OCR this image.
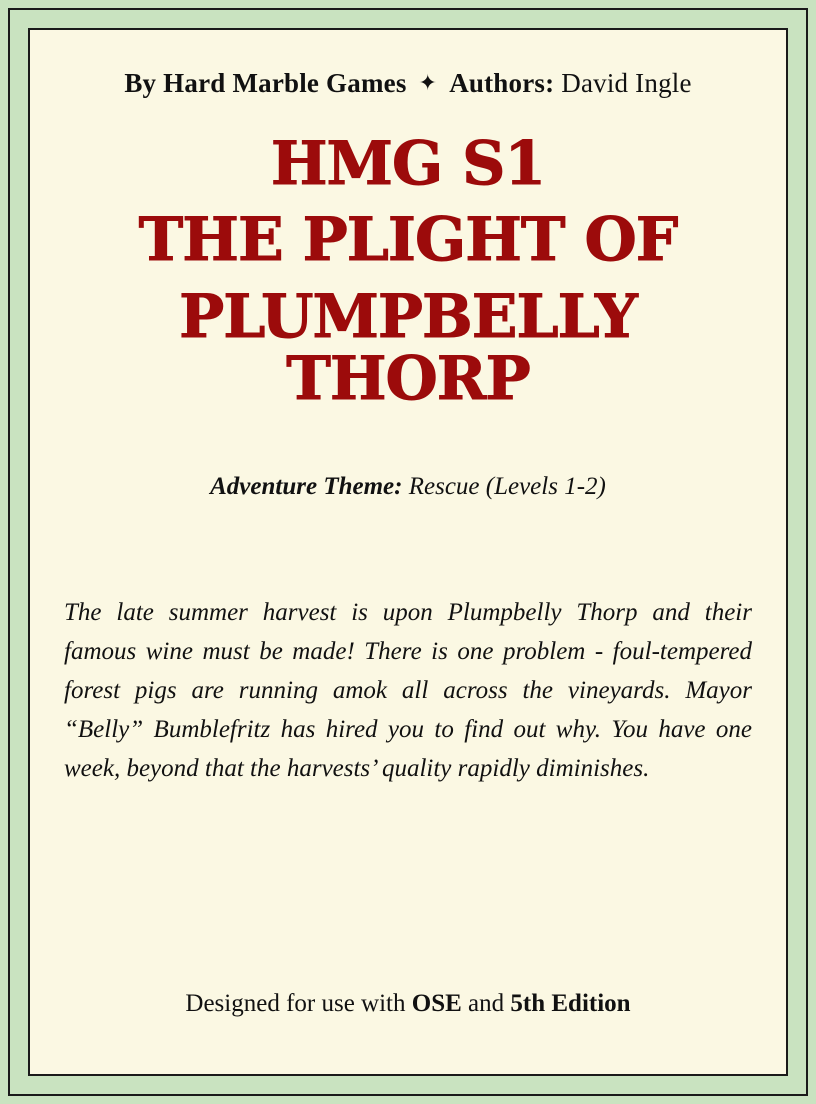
By Hard Marble Games ✦ Authors: David Ingle
HMG S1
THE PLIGHT OF
PLUMPBELLY THORP
Adventure Theme: Rescue (Levels 1-2)
The late summer harvest is upon Plumpbelly Thorp and their famous wine must be made! There is one problem - foul-tempered forest pigs are running amok all across the vineyards. Mayor “Belly” Bumblefritz has hired you to find out why. You have one week, beyond that the harvests’ quality rapidly diminishes.
Designed for use with OSE and 5th Edition
